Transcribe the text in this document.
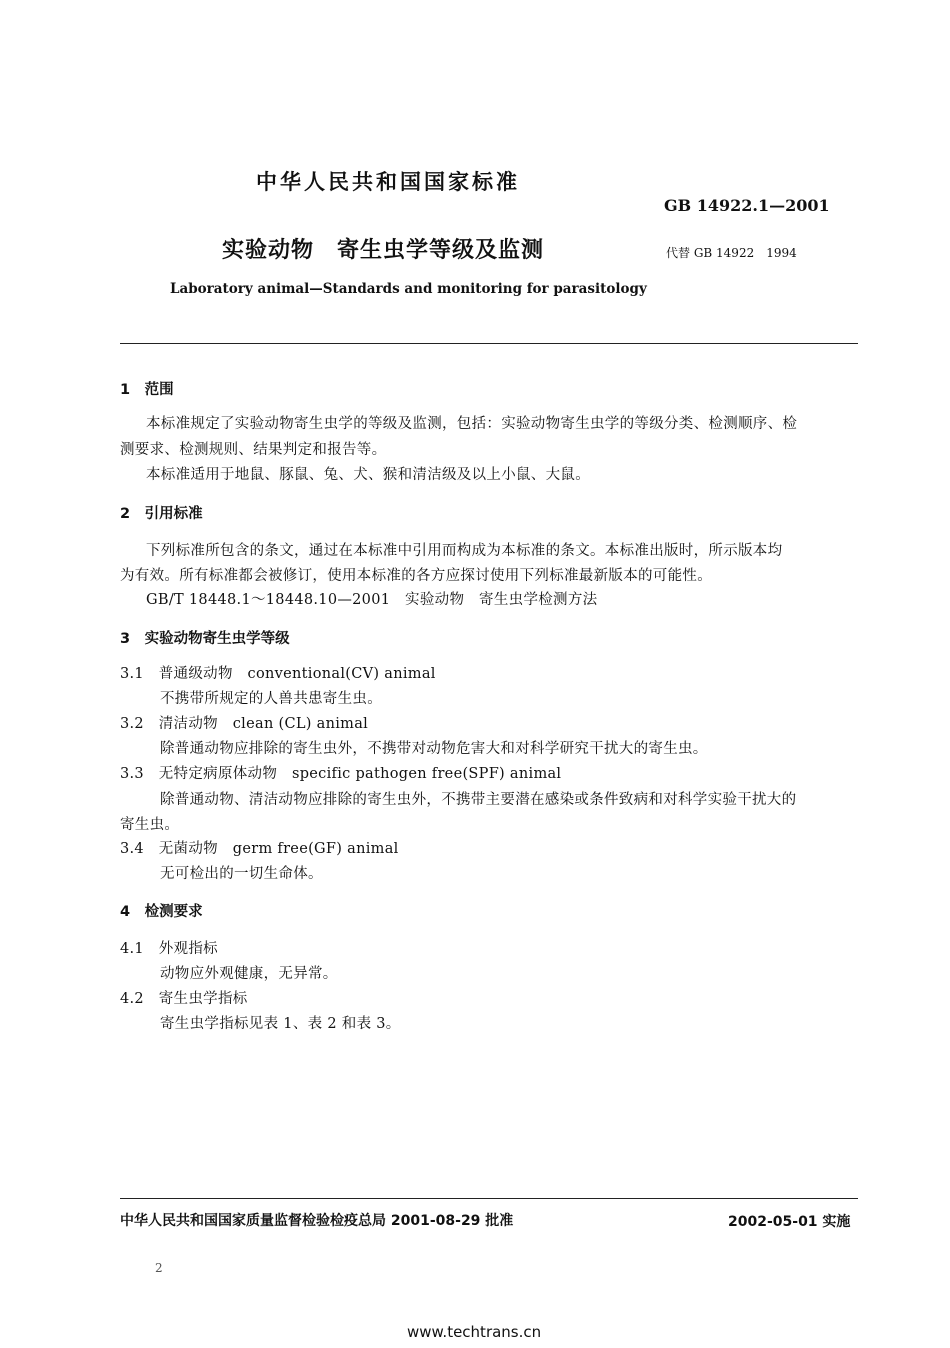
中华人民共和国国家标准
GB 14922.1—2001
实验动物　寄生虫学等级及监测	代替 GB 14922　1994
Laboratory animal—Standards and monitoring for parasitology
1　范围
本标准规定了实验动物寄生虫学的等级及监测，包括：实验动物寄生虫学的等级分类、检测顺序、检
测要求、检测规则、结果判定和报告等。
本标准适用于地鼠、豚鼠、兔、犬、猴和清洁级及以上小鼠、大鼠。
2　引用标准
下列标准所包含的条文，通过在本标准中引用而构成为本标准的条文。本标准出版时，所示版本均
为有效。所有标准都会被修订，使用本标准的各方应探讨使用下列标准最新版本的可能性。
GB/T 18448.1～18448.10—2001　实验动物　寄生虫学检测方法
3　实验动物寄生虫学等级
3.1　普通级动物　conventional(CV) animal
不携带所规定的人兽共患寄生虫。
3.2　清洁动物　clean (CL) animal
除普通动物应排除的寄生虫外，不携带对动物危害大和对科学研究干扰大的寄生虫。
3.3　无特定病原体动物　specific pathogen free(SPF) animal
除普通动物、清洁动物应排除的寄生虫外，不携带主要潜在感染或条件致病和对科学实验干扰大的
寄生虫。
3.4　无菌动物　germ free(GF) animal
无可检出的一切生命体。
4　检测要求
4.1　外观指标
动物应外观健康，无异常。
4.2　寄生虫学指标
寄生虫学指标见表 1、表 2 和表 3。
中华人民共和国国家质量监督检验检疫总局 2001-08-29 批准	2002-05-01 实施
2
www.techtrans.cn
